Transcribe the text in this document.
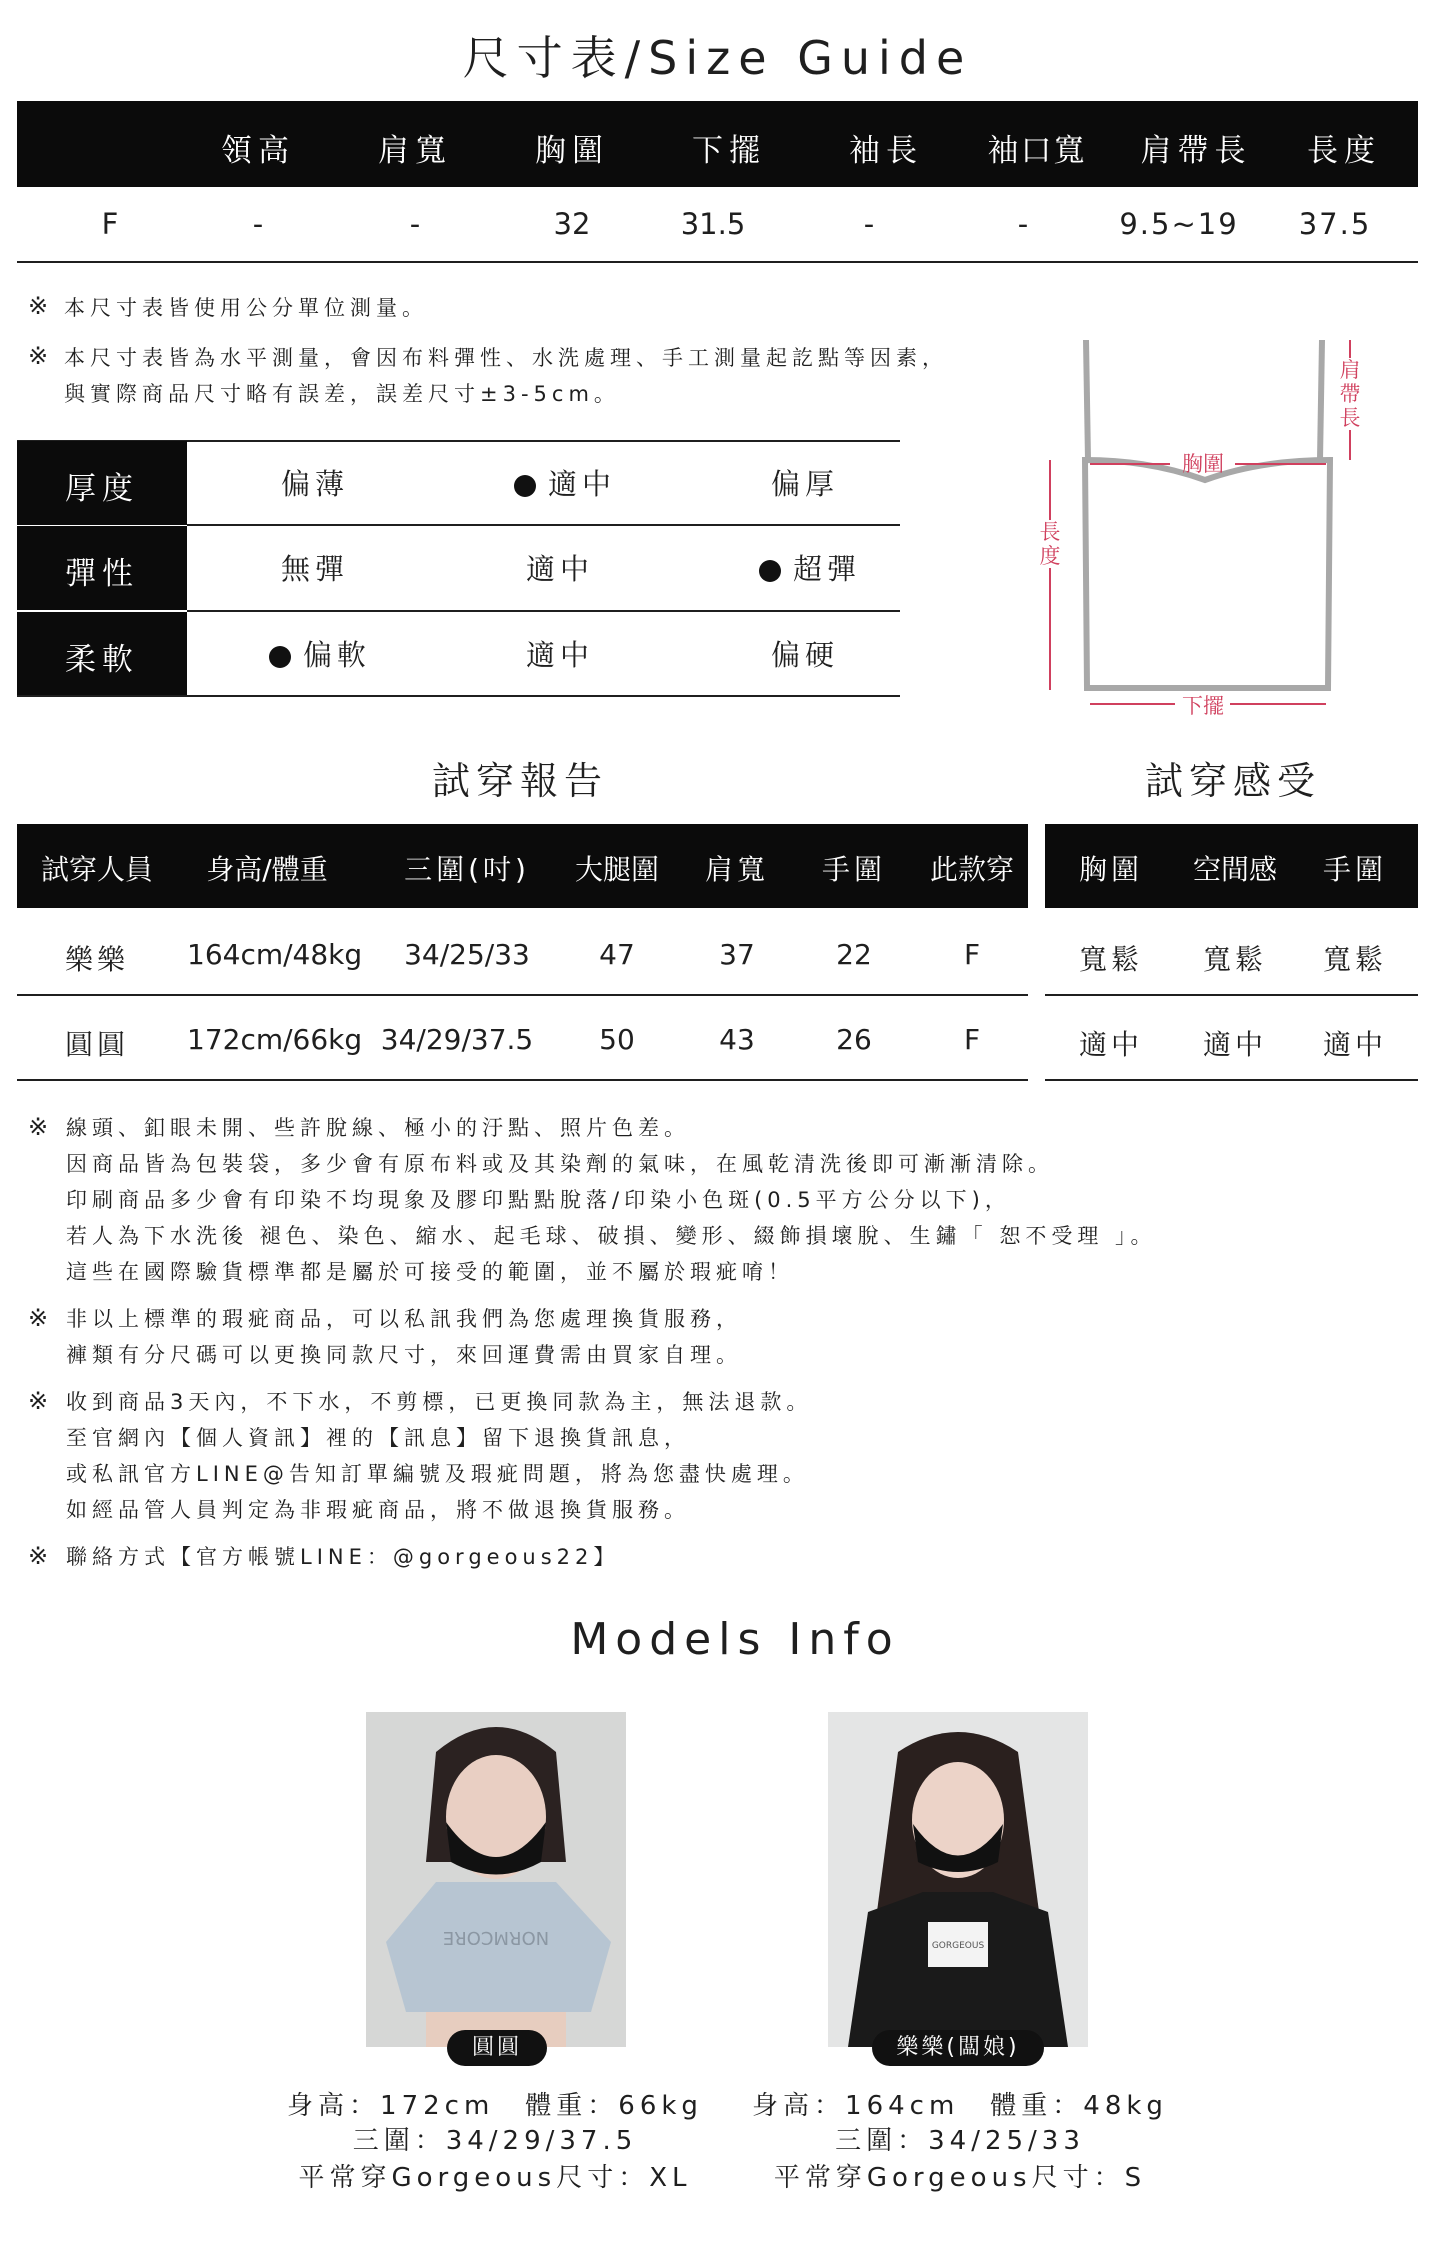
尺寸表/Size Guide
領高	肩寬	胸圍	下擺	袖長	袖口寬	肩帶長	長度
F	-	-	32	31.5	-	-	9.5~19	37.5
※ 本尺寸表皆使用公分單位測量。
※ 本尺寸表皆為水平測量，會因布料彈性、水洗處理、手工測量起訖點等因素，
與實際商品尺寸略有誤差，誤差尺寸±3-5cm。
厚度	偏薄	適中	偏厚
彈性	無彈	適中	超彈
柔軟	偏軟	適中	偏硬
肩帶長
胸圍
長度
下擺
試穿報告	試穿感受
試穿人員	身高/體重	三圍(吋)	大腿圍	肩寬	手圍	此款穿	胸圍	空間感	手圍
樂樂	164cm/48kg	34/25/33	47	37	22	F	寬鬆	寬鬆	寬鬆
圓圓	172cm/66kg 34/29/37.5	50	43	26	F	適中	適中	適中
※ 線頭、釦眼未開、些許脫線、極小的汙點、照片色差。
因商品皆為包裝袋，多少會有原布料或及其染劑的氣味，在風乾清洗後即可漸漸清除。
印刷商品多少會有印染不均現象及膠印點點脫落/印染小色斑(0.5平方公分以下)，
若人為下水洗後 褪色、染色、縮水、起毛球、破損、變形、綴飾損壞脫、生鏽「 恕不受理 」。
這些在國際驗貨標準都是屬於可接受的範圍，並不屬於瑕疵唷！
※ 非以上標準的瑕疵商品，可以私訊我們為您處理換貨服務，
褲類有分尺碼可以更換同款尺寸，來回運費需由買家自理。
※ 收到商品3天內，不下水，不剪標，已更換同款為主，無法退款。
至官網內【個人資訊】裡的【訊息】留下退換貨訊息，
或私訊官方LINE@告知訂單編號及瑕疵問題，將為您盡快處理。
如經品管人員判定為非瑕疵商品，將不做退換貨服務。
※ 聯絡方式【官方帳號LINE：@gorgeous22】
Models Info
NORMCORE
圓圓
身高：172cm　體重：66kg
三圍：34/29/37.5
平常穿Gorgeous尺寸：XL
GORGEOUS
樂樂(闆娘)
身高：164cm　體重：48kg
三圍：34/25/33
平常穿Gorgeous尺寸：S
